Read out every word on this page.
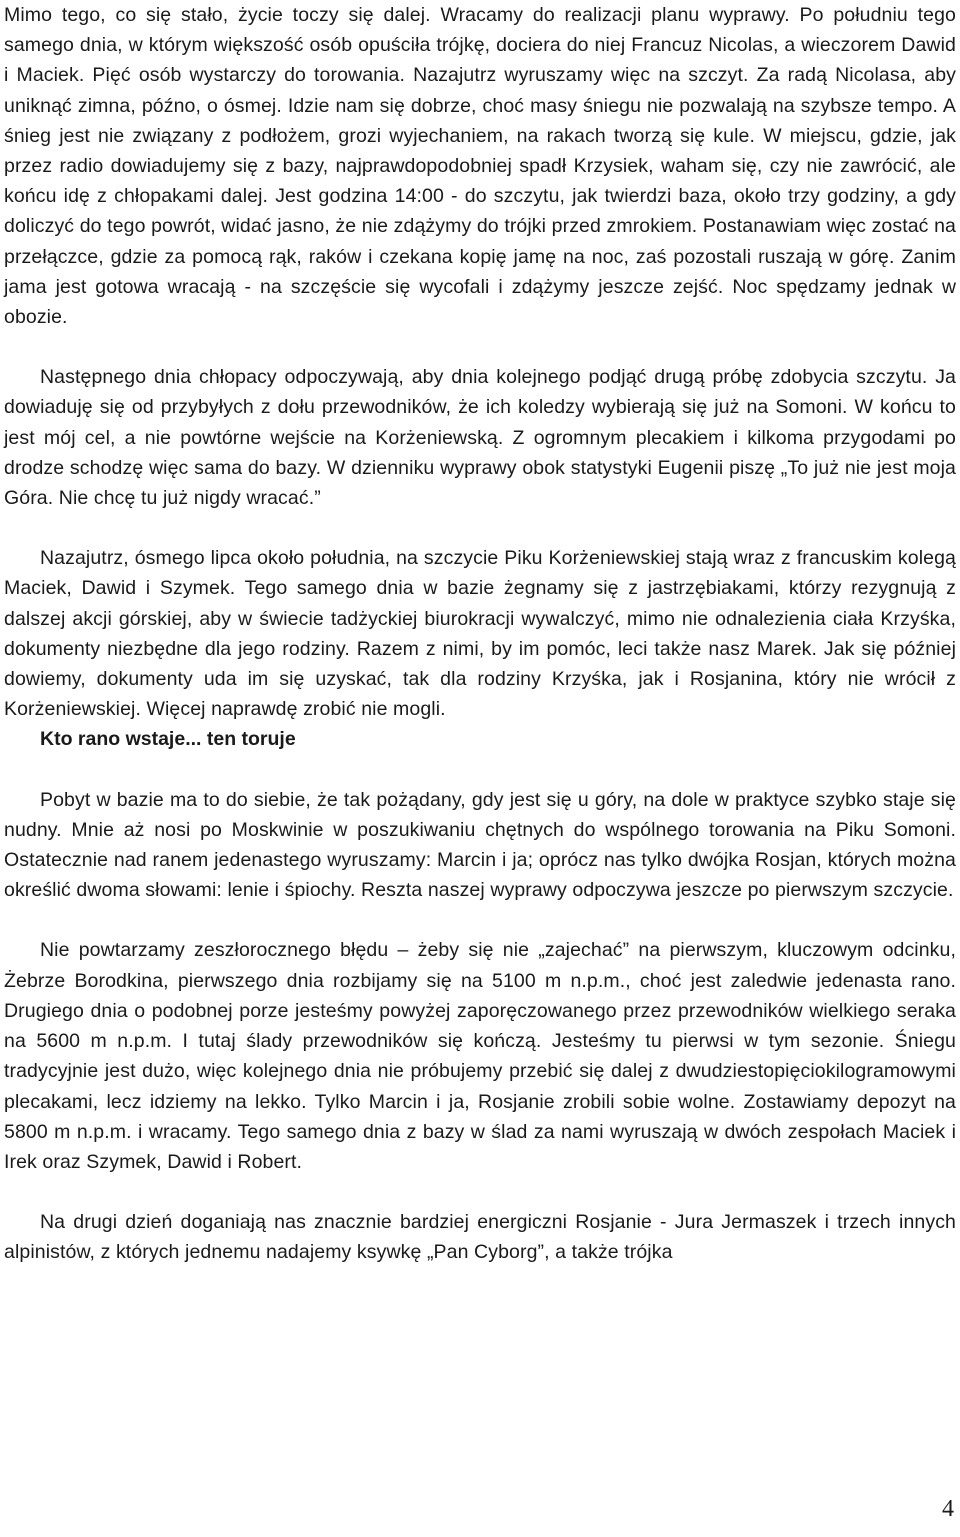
Mimo tego, co się stało, życie toczy się dalej. Wracamy do realizacji planu wyprawy. Po południu tego samego dnia, w którym większość osób opuściła trójkę, dociera do niej Francuz Nicolas, a wieczorem Dawid i Maciek. Pięć osób wystarczy do torowania. Nazajutrz wyruszamy więc na szczyt. Za radą Nicolasa, aby uniknąć zimna, późno, o ósmej. Idzie nam się dobrze, choć masy śniegu nie pozwalają na szybsze tempo. A śnieg jest nie związany z podłożem, grozi wyjechaniem, na rakach tworzą się kule. W miejscu, gdzie, jak przez radio dowiadujemy się z bazy, najprawdopodobniej spadł Krzysiek, waham się, czy nie zawrócić, ale końcu idę z chłopakami dalej. Jest godzina 14:00 - do szczytu, jak twierdzi baza, około trzy godziny, a gdy doliczyć do tego powrót, widać jasno, że nie zdążymy do trójki przed zmrokiem. Postanawiam więc zostać na przełączce, gdzie za pomocą rąk, raków i czekana kopię jamę na noc, zaś pozostali ruszają w górę. Zanim jama jest gotowa wracają - na szczęście się wycofali i zdążymy jeszcze zejść. Noc spędzamy jednak w obozie.

Następnego dnia chłopacy odpoczywają, aby dnia kolejnego podjąć drugą próbę zdobycia szczytu. Ja dowiaduję się od przybyłych z dołu przewodników, że ich koledzy wybierają się już na Somoni. W końcu to jest mój cel, a nie powtórne wejście na Korżeniewską. Z ogromnym plecakiem i kilkoma przygodami po drodze schodzę więc sama do bazy. W dzienniku wyprawy obok statystyki Eugenii piszę „To już nie jest moja Góra. Nie chcę tu już nigdy wracać.”

Nazajutrz, ósmego lipca około południa, na szczycie Piku Korżeniewskiej stają wraz z francuskim kolegą Maciek, Dawid i Szymek. Tego samego dnia w bazie żegnamy się z jastrzębiakami, którzy rezygnują z dalszej akcji górskiej, aby w świecie tadżyckiej biurokracji wywalczyć, mimo nie odnalezienia ciała Krzyśka, dokumenty niezbędne dla jego rodziny. Razem z nimi, by im pomóc, leci także nasz Marek. Jak się później dowiemy, dokumenty uda im się uzyskać, tak dla rodziny Krzyśka, jak i Rosjanina, który nie wrócił z Korżeniewskiej. Więcej naprawdę zrobić nie mogli.

Kto rano wstaje... ten toruje

Pobyt w bazie ma to do siebie, że tak pożądany, gdy jest się u góry, na dole w praktyce szybko staje się nudny. Mnie aż nosi po Moskwinie w poszukiwaniu chętnych do wspólnego torowania na Piku Somoni. Ostatecznie nad ranem jedenastego wyruszamy: Marcin i ja; oprócz nas tylko dwójka Rosjan, których można określić dwoma słowami: lenie i śpiochy. Reszta naszej wyprawy odpoczywa jeszcze po pierwszym szczycie.

Nie powtarzamy zeszłorocznego błędu – żeby się nie „zajechać” na pierwszym, kluczowym odcinku, Żebrze Borodkina, pierwszego dnia rozbijamy się na 5100 m n.p.m., choć jest zaledwie jedenasta rano. Drugiego dnia o podobnej porze jesteśmy powyżej zaporęczowanego przez przewodników wielkiego seraka na 5600 m n.p.m. I tutaj ślady przewodników się kończą. Jesteśmy tu pierwsi w tym sezonie. Śniegu tradycyjnie jest dużo, więc kolejnego dnia nie próbujemy przebić się dalej z dwudziestopięciokilogramowymi plecakami, lecz idziemy na lekko. Tylko Marcin i ja, Rosjanie zrobili sobie wolne. Zostawiamy depozyt na 5800 m n.p.m. i wracamy. Tego samego dnia z bazy w ślad za nami wyruszają w dwóch zespołach Maciek i Irek oraz Szymek, Dawid i Robert.

Na drugi dzień doganiają nas znacznie bardziej energiczni Rosjanie - Jura Jermaszek i trzech innych alpinistów, z których jednemu nadajemy ksywkę „Pan Cyborg”, a także trójka

4
